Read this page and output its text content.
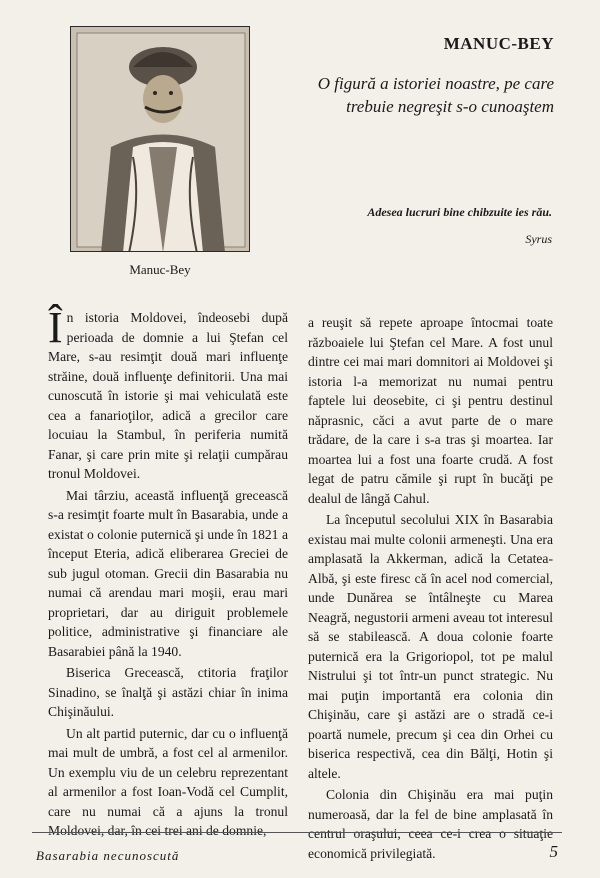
Manuc-Bey
MANUC-BEY
O figură a istoriei noastre, pe care trebuie negreşit s-o cunoaştem
Adesea lucruri bine chibzuite ies rău.
Syrus

În istoria Moldovei, îndeosebi după perioada de domnie a lui Ştefan cel Mare, s-au resimţit două mari influenţe străine, două influenţe definitorii. Una mai cunoscută în istorie şi mai vehiculată este cea a fanarioţilor, adică a grecilor care locuiau la Stambul, în periferia numită Fanar, şi care prin mite şi relaţii cumpărau tronul Moldovei.

Mai târziu, această influenţă grecească s-a resimţit foarte mult în Basarabia, unde a existat o colonie puternică şi unde în 1821 a început Eteria, adică eliberarea Greciei de sub jugul otoman. Grecii din Basarabia nu numai că arendau mari moşii, erau mari proprietari, dar au diriguit problemele politice, administrative şi financiare ale Basarabiei până la 1940.

Biserica Grecească, ctitoria fraţilor Sinadino, se înalţă şi astăzi chiar în inima Chişinăului.

Un alt partid puternic, dar cu o influenţă mai mult de umbră, a fost cel al armenilor. Un exemplu viu de un celebru reprezentant al armenilor a fost Ioan-Vodă cel Cumplit, care nu numai că a ajuns la tronul Moldovei, dar, în cei trei ani de domnie,

a reuşit să repete aproape întocmai toate războaiele lui Ştefan cel Mare. A fost unul dintre cei mai mari domnitori ai Moldovei şi istoria l-a memorizat nu numai pentru faptele lui deosebite, ci şi pentru destinul năprasnic, căci a avut parte de o mare trădare, de la care i s-a tras şi moartea. Iar moartea lui a fost una foarte crudă. A fost legat de patru cămile şi rupt în bucăţi pe dealul de lângă Cahul.

La începutul secolului XIX în Basarabia existau mai multe colonii armeneşti. Una era amplasată la Akkerman, adică la Cetatea-Albă, şi este firesc că în acel nod comercial, unde Dunărea se întâlneşte cu Marea Neagră, negustorii armeni aveau tot interesul să se stabilească. A doua colonie foarte puternică era la Grigoriopol, tot pe malul Nistrului şi tot într-un punct strategic. Nu mai puţin importantă era colonia din Chişinău, care şi astăzi are o stradă ce-i poartă numele, precum şi cea din Orhei cu biserica respectivă, cea din Bălţi, Hotin şi altele.

Colonia din Chişinău era mai puţin numeroasă, dar la fel de bine amplasată în centrul oraşului, ceea ce-i crea o situaţie economică privilegiată.

Basarabia necunoscută	5
